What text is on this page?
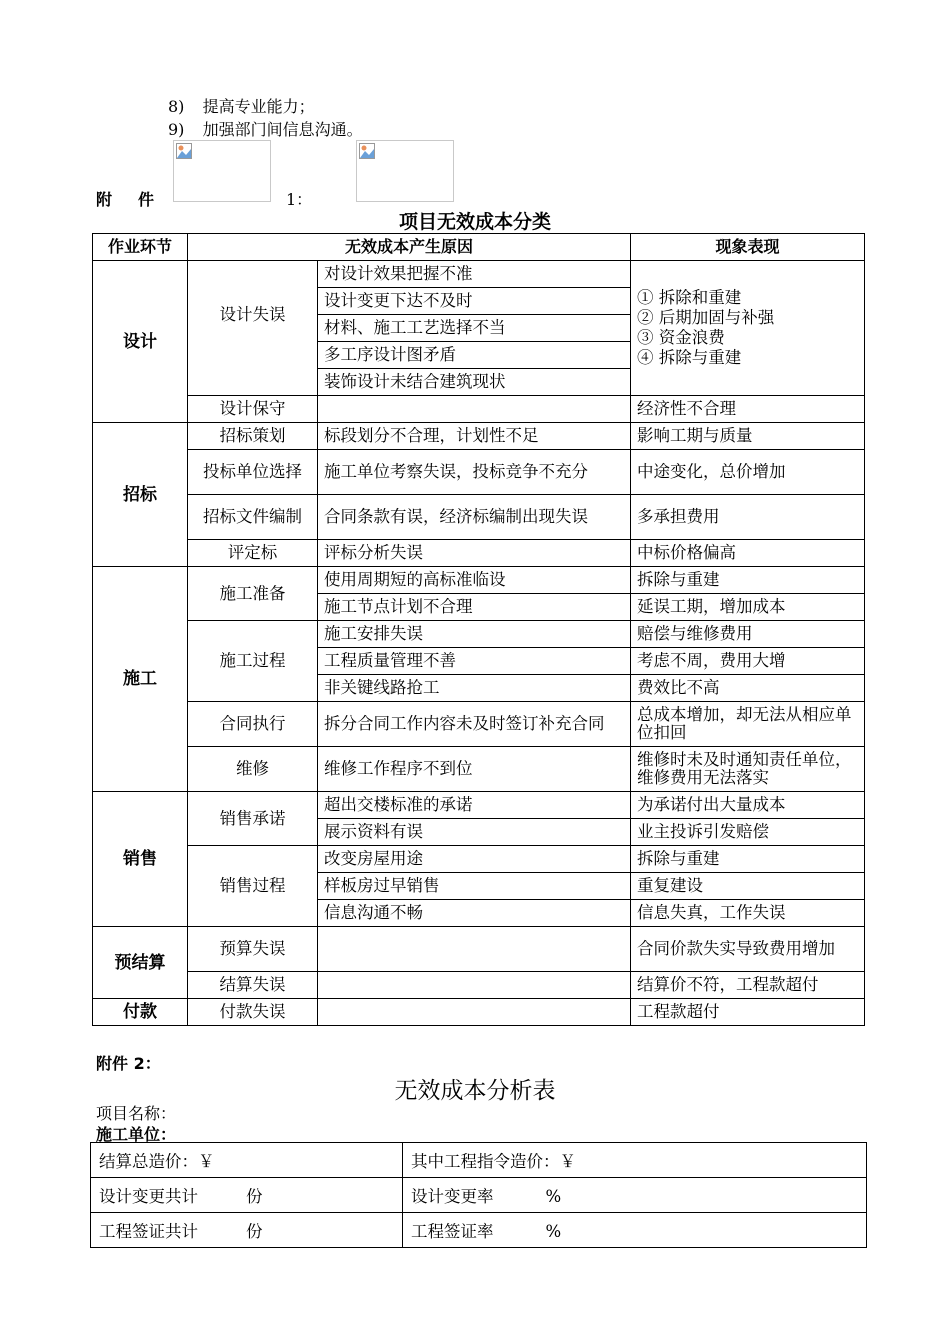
8) 提高专业能力；
9) 加强部门间信息沟通。
附 件	1：
项目无效成本分类
作业环节	无效成本产生原因		现象表现
设计	设计失误	对设计效果把握不准	① 拆除和重建
② 后期加固与补强
③ 资金浪费
④ 拆除与重建

		设计变更下达不及时	
		材料、施工工艺选择不当	
		多工序设计图矛盾	
		装饰设计未结合建筑现状	
	设计保守		经济性不合理
招标	招标策划	标段划分不合理，计划性不足	影响工期与质量
	投标单位选择	施工单位考察失误，投标竞争不充分	中途变化，总价增加
	招标文件编制	合同条款有误，经济标编制出现失误	多承担费用
	评定标	评标分析失误	中标价格偏高
施工	施工准备	使用周期短的高标准临设	拆除与重建
		施工节点计划不合理	延误工期，增加成本
	施工过程	施工安排失误	赔偿与维修费用
		工程质量管理不善	考虑不周，费用大增
		非关键线路抢工	费效比不高
	合同执行	拆分合同工作内容未及时签订补充合同	总成本增加，却无法从相应单位扣回
	维修	维修工作程序不到位	维修时未及时通知责任单位，维修费用无法落实
销售	销售承诺	超出交楼标准的承诺	为承诺付出大量成本
		展示资料有误	业主投诉引发赔偿
	销售过程	改变房屋用途	拆除与重建
		样板房过早销售	重复建设
		信息沟通不畅	信息失真，工作失误
预结算	预算失误		合同价款失实导致费用增加
	结算失误		结算价不符，工程款超付
付款	付款失误		工程款超付
附件 2：
无效成本分析表
项目名称：
施工单位：
结算总造价：￥	其中工程指令造价：￥
设计变更共计 份	设计变更率 %
工程签证共计 份	工程签证率 %
